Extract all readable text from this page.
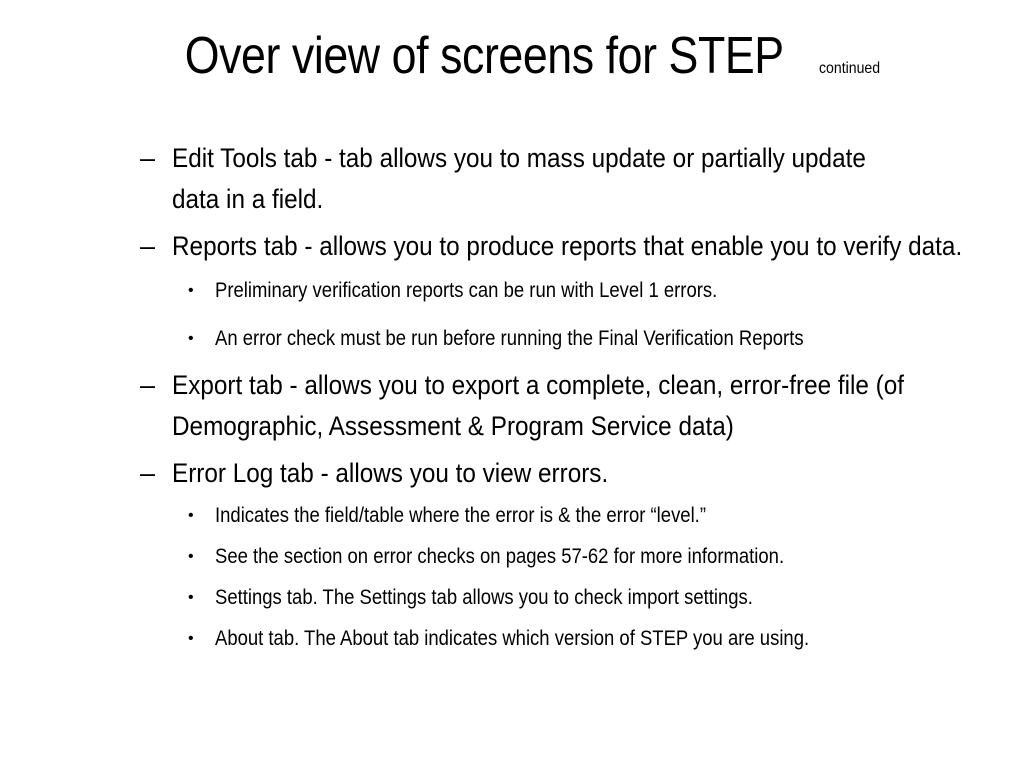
Over view of screens for STEP continued
– Edit Tools tab - tab allows you to mass update or partially update data in a field.
– Reports tab - allows you to produce reports that enable you to verify data.
• Preliminary verification reports can be run with Level 1 errors.
• An error check must be run before running the Final Verification Reports
– Export tab - allows you to export a complete, clean, error-free file (of Demographic, Assessment & Program Service data)
– Error Log tab - allows you to view errors.
• Indicates the field/table where the error is & the error “level.”
• See the section on error checks on pages 57-62 for more information.
• Settings tab. The Settings tab allows you to check import settings.
• About tab. The About tab indicates which version of STEP you are using.
